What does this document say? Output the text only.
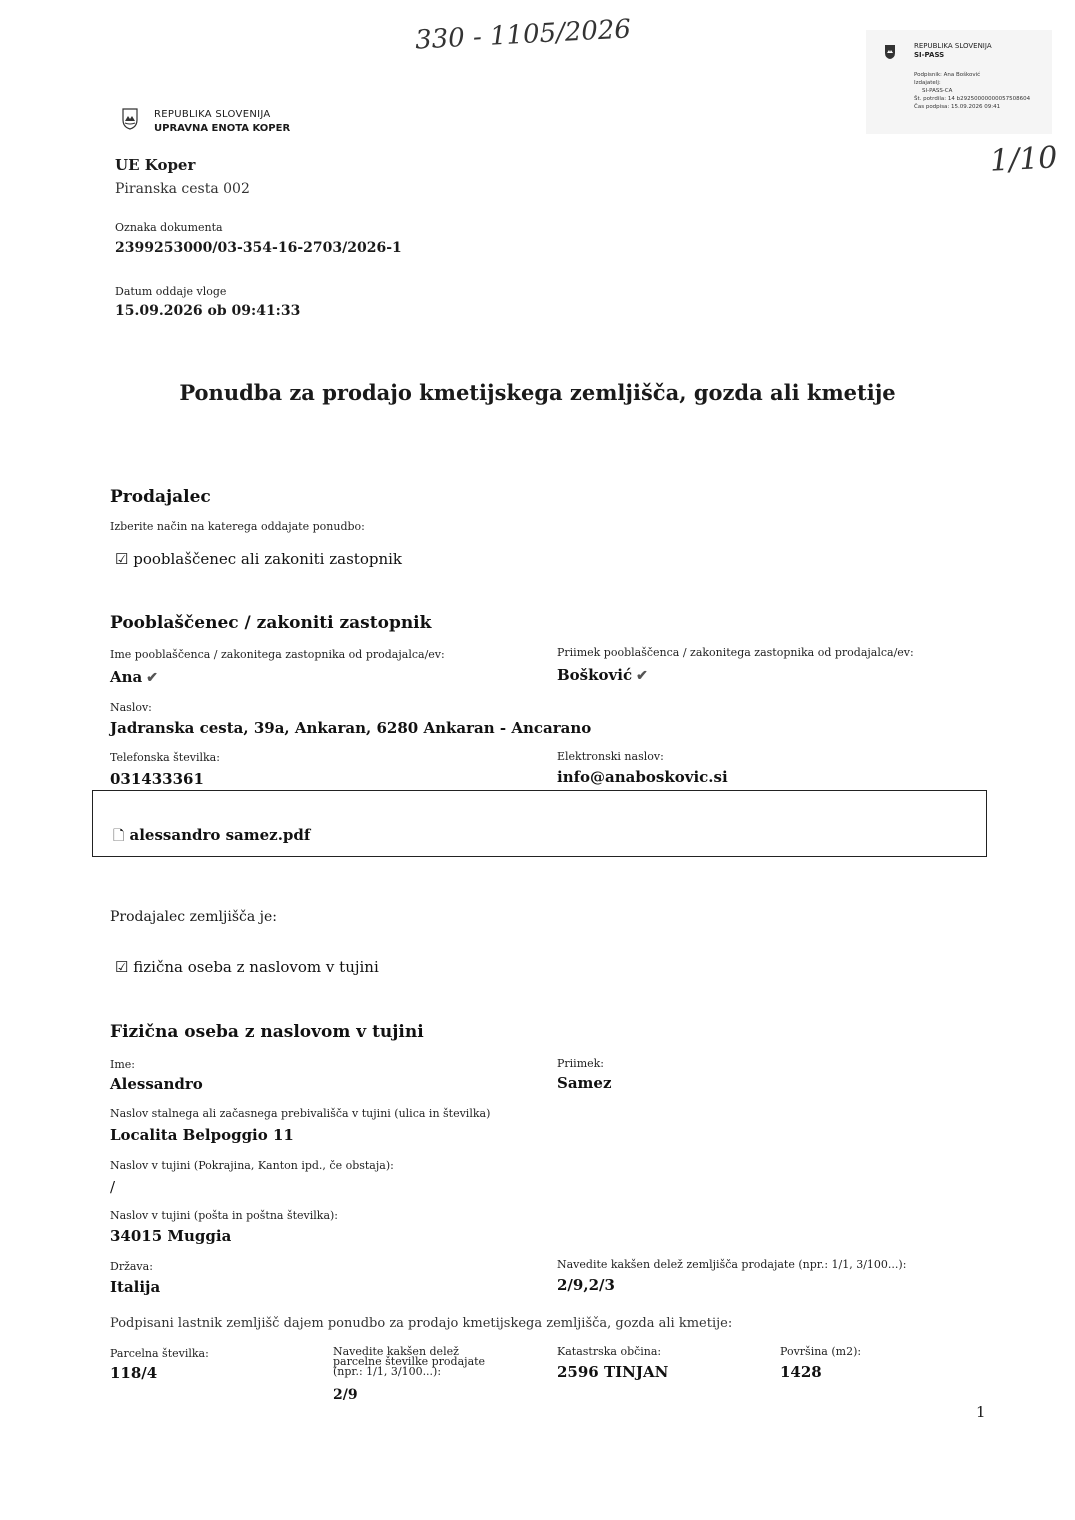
330 - 1105/2026
1/10
REPUBLIKA SLOVENIJA
SI-PASS
Podpisnik: Ana Bošković
Izdajatelj:
SI-PASS-CA
Št. potrdila: 14 b29250000000057508604
Čas podpisa: 15.09.2026 09:41
REPUBLIKA SLOVENIJA
UPRAVNA ENOTA KOPER
UE Koper
Piranska cesta 002
Oznaka dokumenta
2399253000/03-354-16-2703/2026-1
Datum oddaje vloge
15.09.2026 ob 09:41:33
Ponudba za prodajo kmetijskega zemljišča, gozda ali kmetije
Prodajalec
Izberite način na katerega oddajate ponudbo:
☑ pooblaščenec ali zakoniti zastopnik
Pooblaščenec / zakoniti zastopnik
Ime pooblaščenca / zakonitega zastopnika od prodajalca/ev:
Ana ✔
Priimek pooblaščenca / zakonitega zastopnika od prodajalca/ev:
Bošković ✔
Naslov:
Jadranska cesta, 39a, Ankaran, 6280 Ankaran - Ancarano
Telefonska številka:
031433361
Elektronski naslov:
info@anaboskovic.si
🗋 alessandro samez.pdf
Prodajalec zemljišča je:
☑ fizična oseba z naslovom v tujini
Fizična oseba z naslovom v tujini
Ime:
Alessandro
Priimek:
Samez
Naslov stalnega ali začasnega prebivališča v tujini (ulica in številka)
Localita Belpoggio 11
Naslov v tujini (Pokrajina, Kanton ipd., če obstaja):
/
Naslov v tujini (pošta in poštna številka):
34015 Muggia
Država:
Italija
Navedite kakšen delež zemljišča prodajate (npr.: 1/1, 3/100...):
2/9,2/3
Podpisani lastnik zemljišč dajem ponudbo za prodajo kmetijskega zemljišča, gozda ali kmetije:
Parcelna številka:
118/4
Navedite kakšen delež parcelne številke prodajate (npr.: 1/1, 3/100...):
2/9
Katastrska občina:
2596 TINJAN
Površina (m2):
1428
1
